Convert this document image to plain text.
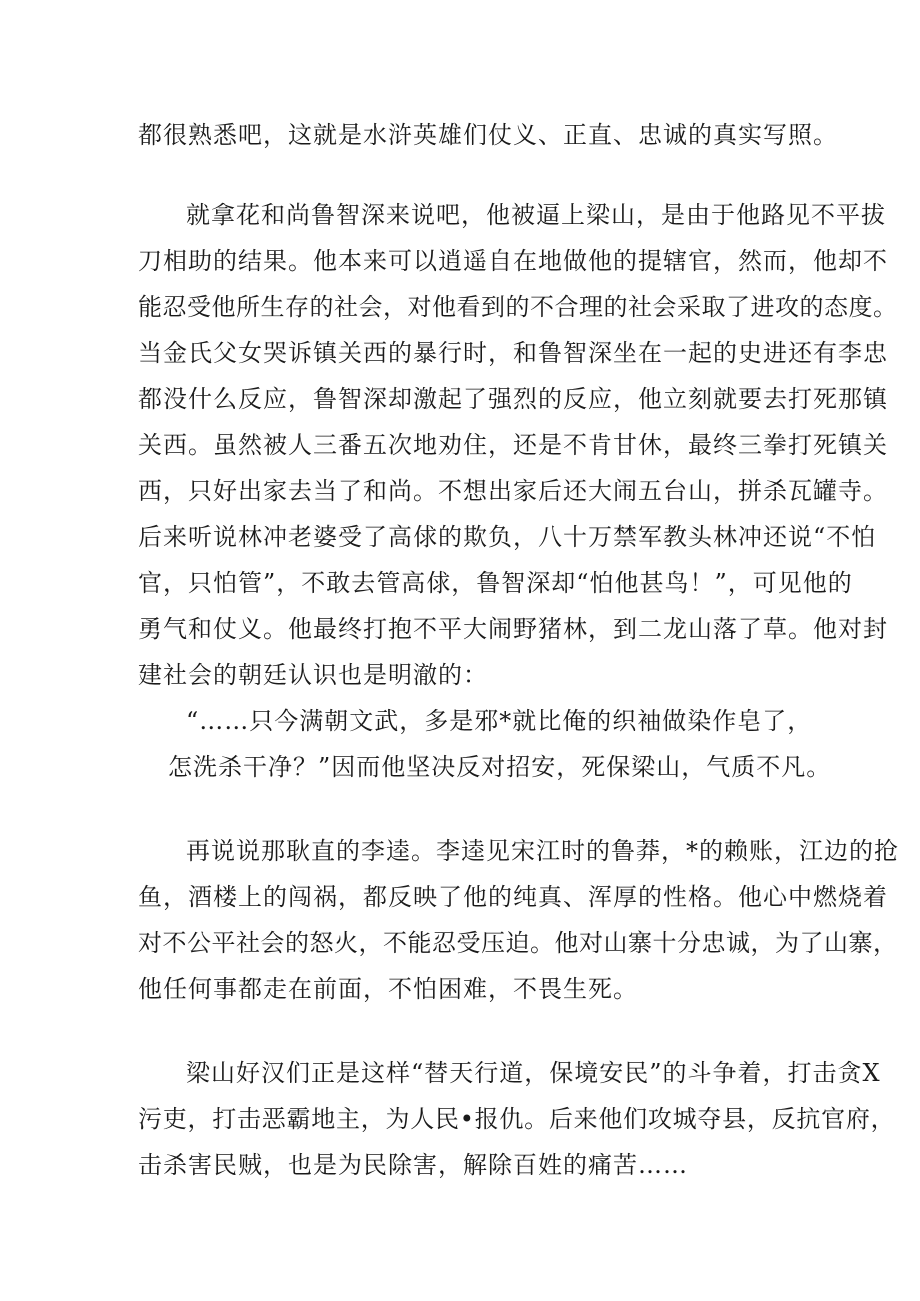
都很熟悉吧，这就是水浒英雄们仗义、正直、忠诚的真实写照。
就拿花和尚鲁智深来说吧，他被逼上梁山，是由于他路见不平拔
刀相助的结果。他本来可以逍遥自在地做他的提辖官，然而，他却不
能忍受他所生存的社会，对他看到的不合理的社会采取了进攻的态度。
当金氏父女哭诉镇关西的暴行时，和鲁智深坐在一起的史进还有李忠
都没什么反应，鲁智深却激起了强烈的反应，他立刻就要去打死那镇
关西。虽然被人三番五次地劝住，还是不肯甘休，最终三拳打死镇关
西，只好出家去当了和尚。不想出家后还大闹五台山，拼杀瓦罐寺。
后来听说林冲老婆受了高俅的欺负，八十万禁军教头林冲还说“不怕
官，只怕管”，不敢去管高俅，鲁智深却“怕他甚鸟！”，可见他的
勇气和仗义。他最终打抱不平大闹野猪林，到二龙山落了草。他对封
建社会的朝廷认识也是明澈的：
“……只今满朝文武，多是邪*就比俺的织袖做染作皂了，
怎洗杀干净？”因而他坚决反对招安，死保梁山，气质不凡。
再说说那耿直的李逵。李逵见宋江时的鲁莽，*的赖账，江边的抢
鱼，酒楼上的闯祸，都反映了他的纯真、浑厚的性格。他心中燃烧着
对不公平社会的怒火，不能忍受压迫。他对山寨十分忠诚，为了山寨，
他任何事都走在前面，不怕困难，不畏生死。
梁山好汉们正是这样“替天行道，保境安民”的斗争着，打击贪X
污吏，打击恶霸地主，为人民•报仇。后来他们攻城夺县，反抗官府，
击杀害民贼，也是为民除害，解除百姓的痛苦……
